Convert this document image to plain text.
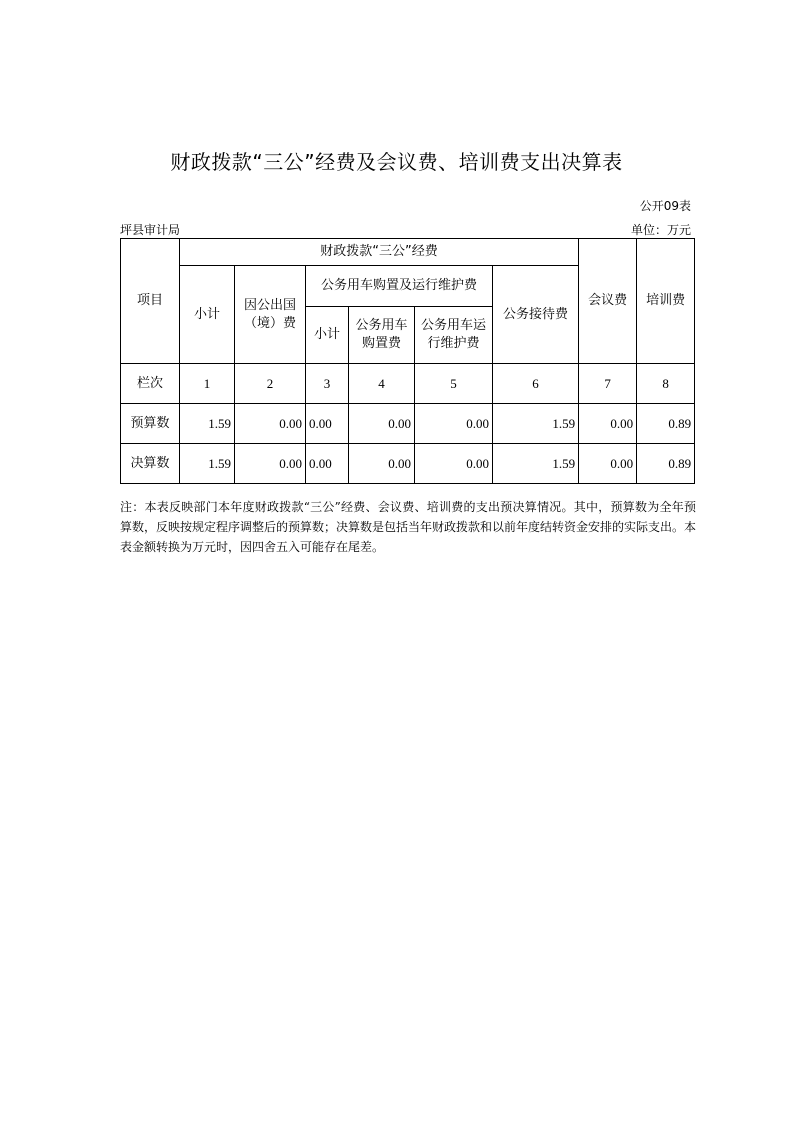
财政拨款“三公”经费及会议费、培训费支出决算表
公开09表
坪县审计局	单位：万元
项目	财政拨款“三公”经费						会议费	培训费
	小计	因公出国（境）费	公务用车购置及运行维护费			公务接待费		
			小计	公务用车购置费	公务用车运行维护费			
栏次	1	2	3	4	5	6	7	8
预算数	1.59	0.00	0.00	0.00	0.00	1.59	0.00	0.89
决算数	1.59	0.00	0.00	0.00	0.00	1.59	0.00	0.89
注：本表反映部门本年度财政拨款“三公”经费、会议费、培训费的支出预决算情况。其中，预算数为全年预算数，反映按规定程序调整后的预算数；决算数是包括当年财政拨款和以前年度结转资金安排的实际支出。本表金额转换为万元时，因四舍五入可能存在尾差。
